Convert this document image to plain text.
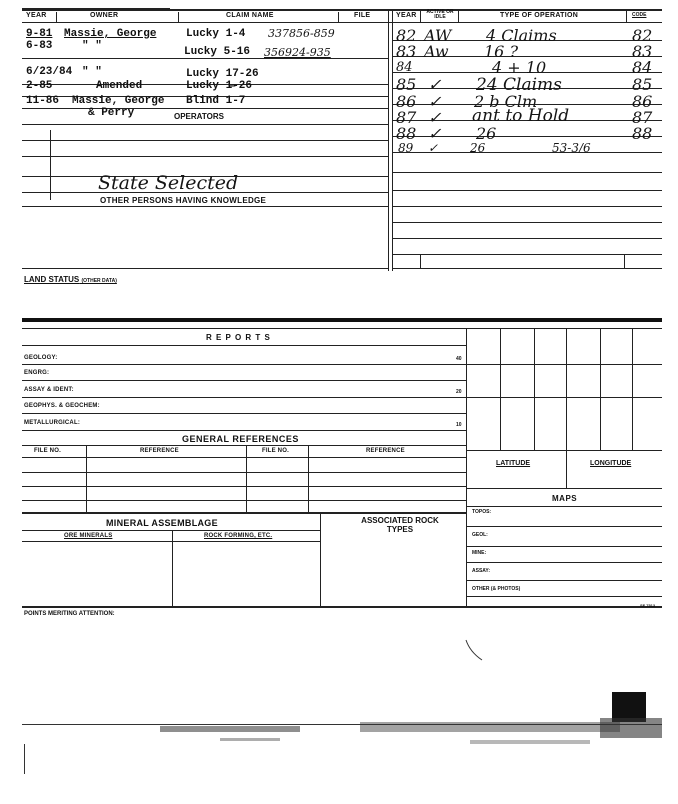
YEAR	OWNER	CLAIM NAME	FILE	YEAR	ACTIVE OR IDLE	TYPE OF OPERATION	CODE
9-81 Massie, George	Lucky 1-4 337856-859
6-83	" "	Lucky 5-16 356924-935
6/23/84 " "	Lucky 17-26
2-85	Amended	Lucky 1̶-26
11-86 Massie, George Blind 1-7
& Perry	OPERATORS
State Selected
OTHER PERSONS HAVING KNOWLEDGE
82 AW 4 Claims	82
83 Aw 16 ?	83
84	4 + 10	84
85 ✓ 24 Claims	85
86 ✓ 2 b Clm	86
87 ✓ ant to Hold	87
88 ✓ 26	88
89 ✓	26	53-3/6
LAND STATUS (OTHER DATA)
R E P O R T S
GEOLOGY:	40
ENGRG:
ASSAY & IDENT:	20
GEOPHYS. & GEOCHEM:
METALLURGICAL:	10
GENERAL REFERENCES
FILE NO.	REFERENCE	FILE NO.	REFERENCE
LATITUDE	LONGITUDE
MAPS
TOPOS:
GEOL:
MINE:
ASSAY:
OTHER (& PHOTOS)
MINERAL ASSEMBLAGE	ASSOCIATED ROCK TYPES
ORE MINERALS	ROCK FORMING, ETC.
POINTS MERITING ATTENTION:
SF 7513
